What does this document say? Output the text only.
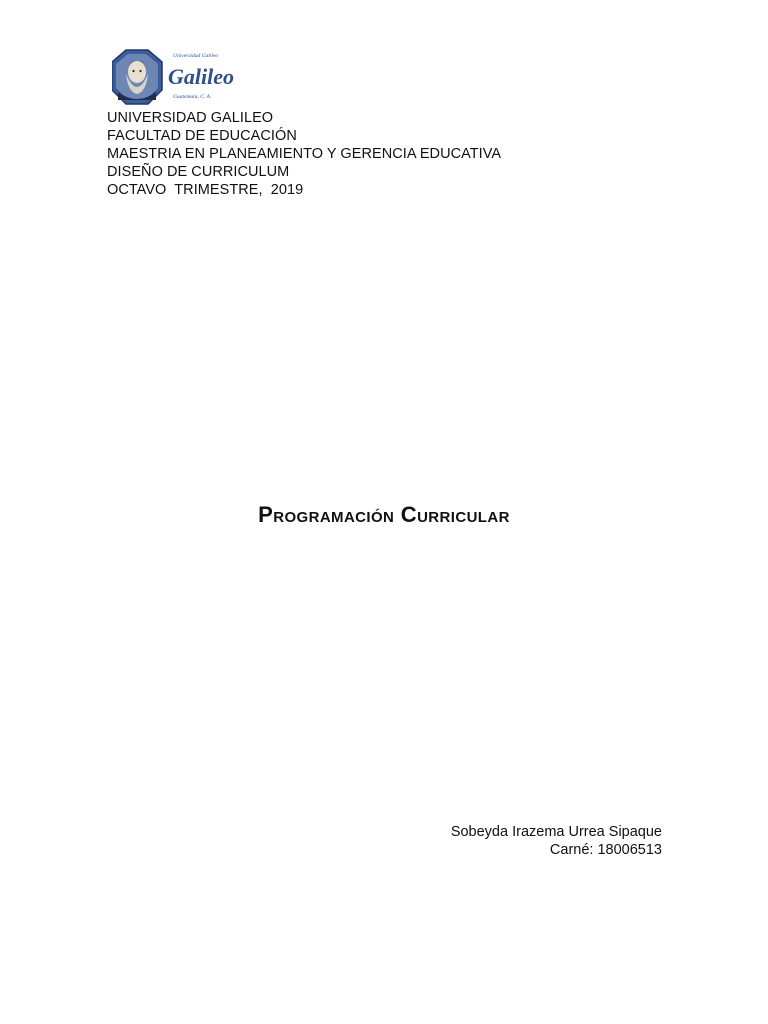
Universidad Galileo
Galileo
Guatemala, C. A.
UNIVERSIDAD GALILEO
FACULTAD DE EDUCACIÓN
MAESTRIA EN PLANEAMIENTO Y GERENCIA EDUCATIVA
DISEÑO DE CURRICULUM
OCTAVO  TRIMESTRE,  2019
Programación Curricular
Sobeyda Irazema Urrea Sipaque
Carné: 18006513
